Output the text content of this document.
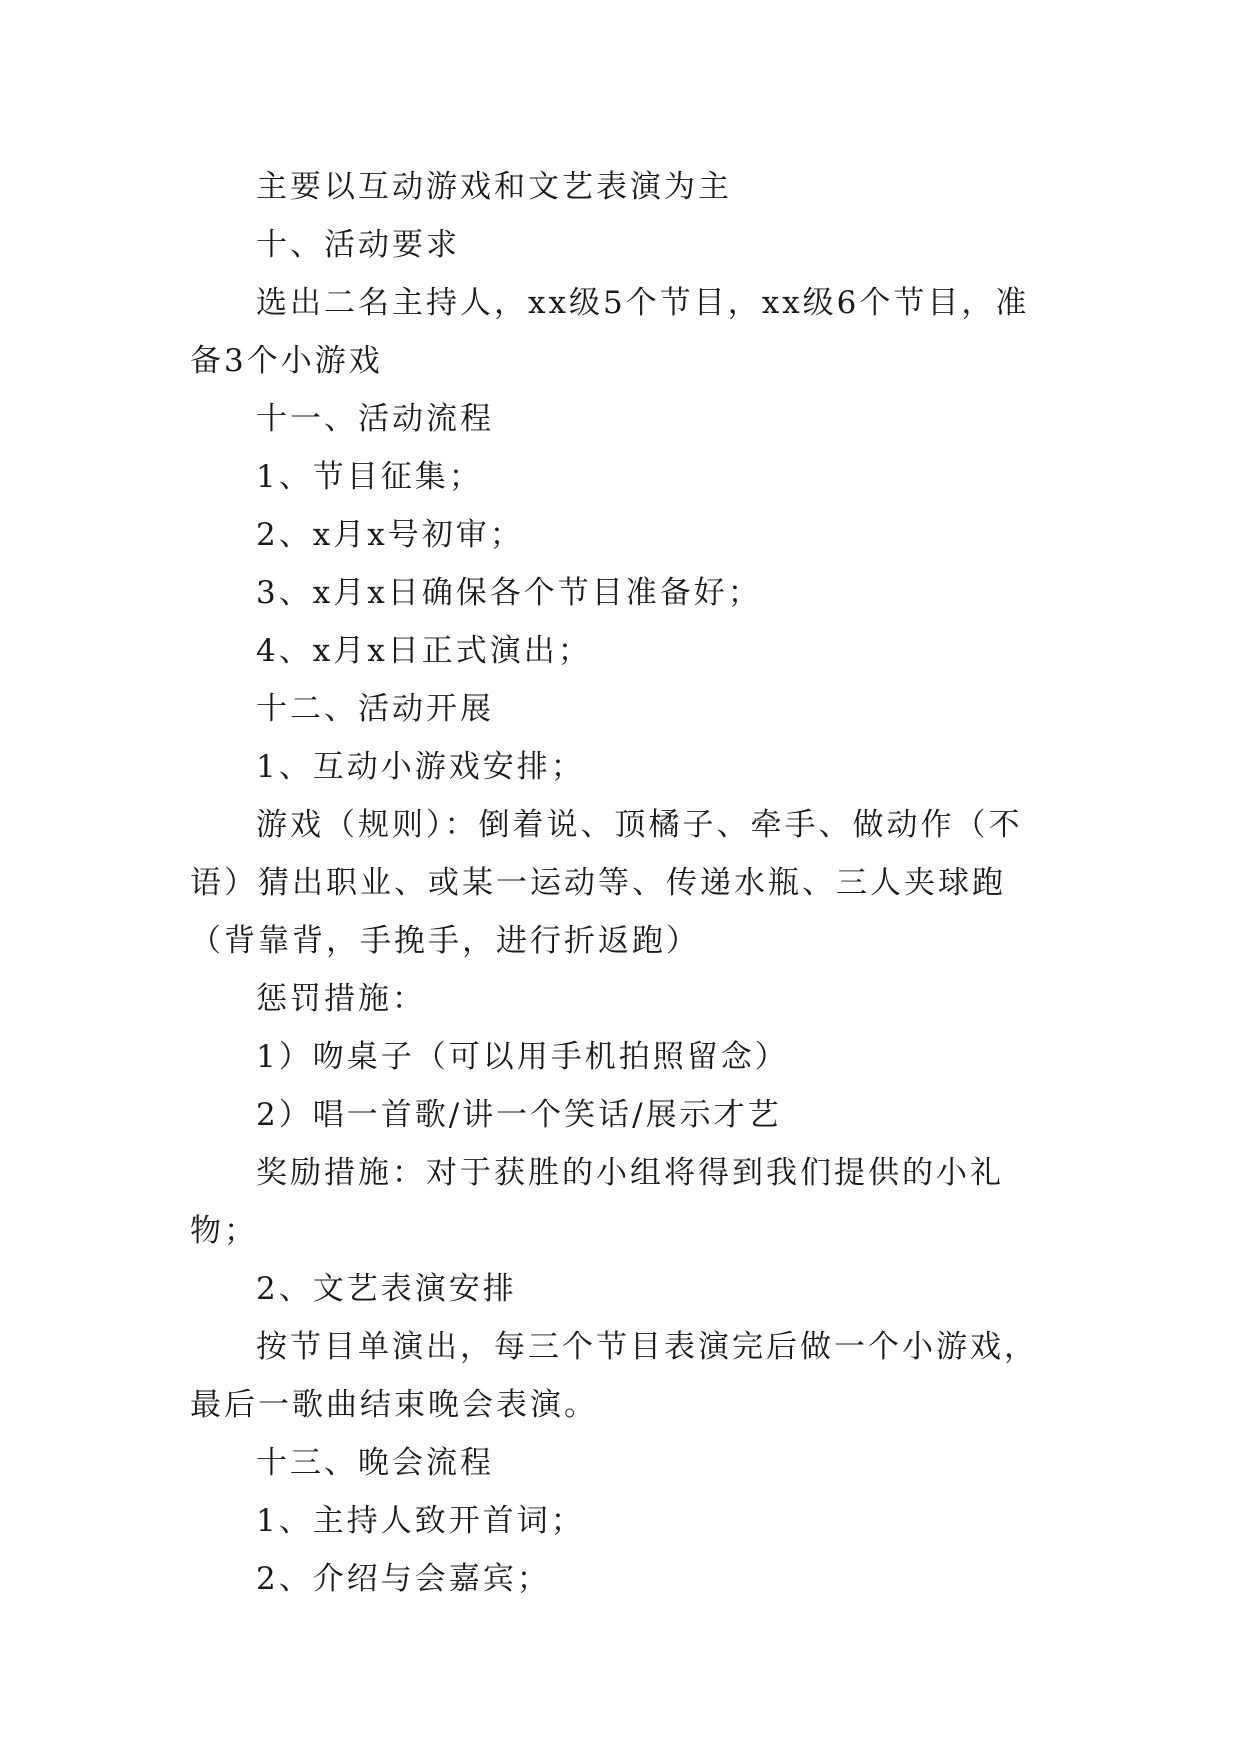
主要以互动游戏和文艺表演为主

十、活动要求

选出二名主持人，xx级5个节目，xx级6个节目，准备3个小游戏

十一、活动流程

1、节目征集；

2、x月x号初审；

3、x月x日确保各个节目准备好；

4、x月x日正式演出；

十二、活动开展

1、互动小游戏安排；

游戏（规则）：倒着说、顶橘子、牵手、做动作（不语）猜出职业、或某一运动等、传递水瓶、三人夹球跑（背靠背，手挽手，进行折返跑）

惩罚措施：

1）吻桌子（可以用手机拍照留念）

2）唱一首歌/讲一个笑话/展示才艺

奖励措施：对于获胜的小组将得到我们提供的小礼物；

2、文艺表演安排

按节目单演出，每三个节目表演完后做一个小游戏，最后一歌曲结束晚会表演。

十三、晚会流程

1、主持人致开首词；

2、介绍与会嘉宾；
